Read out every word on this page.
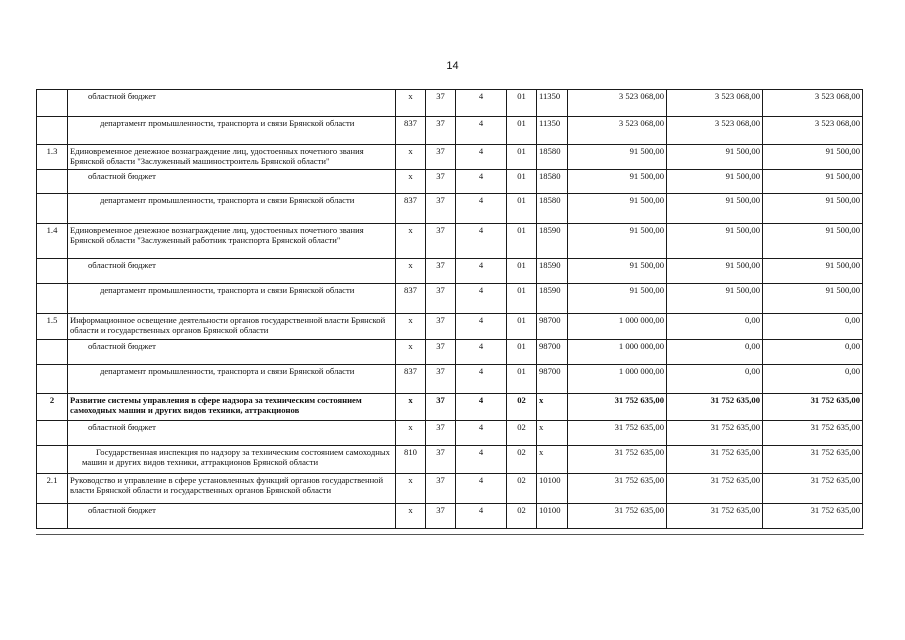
14
	областной бюджет	х	37	4	01	11350	3 523 068,00	3 523 068,00	3 523 068,00
	департамент промышленности, транспорта и связи Брянской области	837	37	4	01	11350	3 523 068,00	3 523 068,00	3 523 068,00
1.3	Единовременное денежное вознаграждение лиц, удостоенных почетного звания Брянской области "Заслуженный машиностроитель Брянской области"	х	37	4	01	18580	91 500,00	91 500,00	91 500,00
	областной бюджет	х	37	4	01	18580	91 500,00	91 500,00	91 500,00
	департамент промышленности, транспорта и связи Брянской области	837	37	4	01	18580	91 500,00	91 500,00	91 500,00
1.4	Единовременное денежное вознаграждение лиц, удостоенных почетного звания Брянской области "Заслуженный работник транспорта Брянской области"	х	37	4	01	18590	91 500,00	91 500,00	91 500,00
	областной бюджет	х	37	4	01	18590	91 500,00	91 500,00	91 500,00
	департамент промышленности, транспорта и связи Брянской области	837	37	4	01	18590	91 500,00	91 500,00	91 500,00
1.5	Информационное освещение деятельности органов государственной власти Брянской области и государственных органов Брянской области	х	37	4	01	98700	1 000 000,00	0,00	0,00
	областной бюджет	х	37	4	01	98700	1 000 000,00	0,00	0,00
	департамент промышленности, транспорта и связи Брянской области	837	37	4	01	98700	1 000 000,00	0,00	0,00
2	Развитие системы управления в сфере надзора за техническим состоянием самоходных машин и других видов техники, аттракционов	х	37	4	02	х	31 752 635,00	31 752 635,00	31 752 635,00
	областной бюджет	х	37	4	02	х	31 752 635,00	31 752 635,00	31 752 635,00
	Государственная инспекция по надзору за техническим состоянием самоходных машин и других видов техники, аттракционов Брянской области	810	37	4	02	х	31 752 635,00	31 752 635,00	31 752 635,00
2.1	Руководство и управление в сфере установленных функций органов государственной власти Брянской области и государственных органов Брянской области	х	37	4	02	10100	31 752 635,00	31 752 635,00	31 752 635,00
	областной бюджет	х	37	4	02	10100	31 752 635,00	31 752 635,00	31 752 635,00
